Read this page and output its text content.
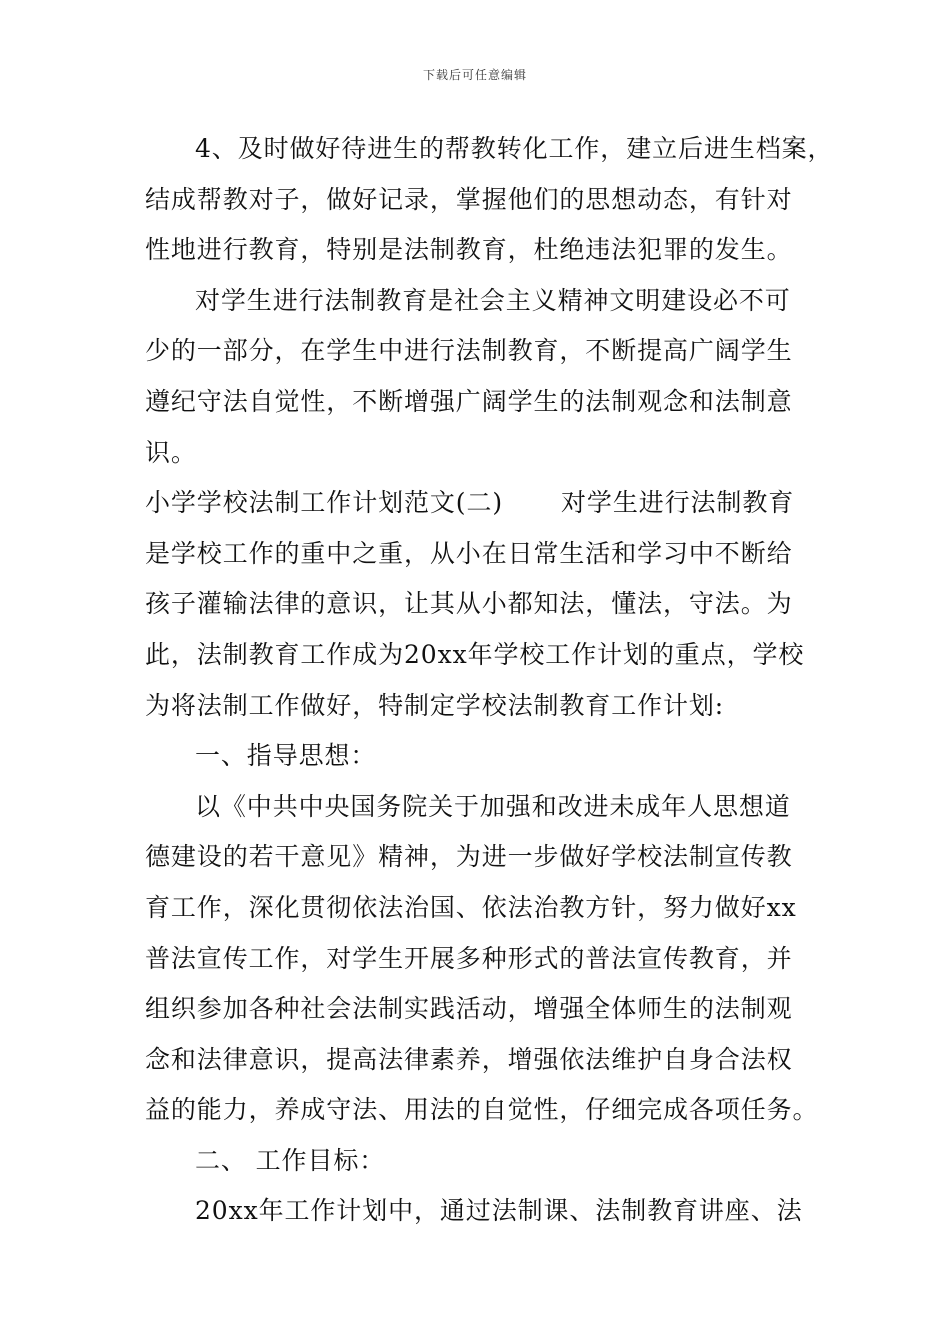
下载后可任意编辑
4、及时做好待进生的帮教转化工作，建立后进生档案，
结成帮教对子，做好记录，掌握他们的思想动态，有针对
性地进行教育，特别是法制教育，杜绝违法犯罪的发生。
对学生进行法制教育是社会主义精神文明建设必不可
少的一部分，在学生中进行法制教育，不断提高广阔学生
遵纪守法自觉性，不断增强广阔学生的法制观念和法制意
识。
小学学校法制工作计划范文(二) 对学生进行法制教育
是学校工作的重中之重，从小在日常生活和学习中不断给
孩子灌输法律的意识，让其从小都知法，懂法，守法。为
此，法制教育工作成为20xx年学校工作计划的重点，学校
为将法制工作做好，特制定学校法制教育工作计划:
一、指导思想：
以《中共中央国务院关于加强和改进未成年人思想道
德建设的若干意见》精神，为进一步做好学校法制宣传教
育工作，深化贯彻依法治国、依法治教方针，努力做好xx
普法宣传工作，对学生开展多种形式的普法宣传教育，并
组织参加各种社会法制实践活动，增强全体师生的法制观
念和法律意识，提高法律素养，增强依法维护自身合法权
益的能力，养成守法、用法的自觉性，仔细完成各项任务。
二、 工作目标：
20xx年工作计划中，通过法制课、法制教育讲座、法
